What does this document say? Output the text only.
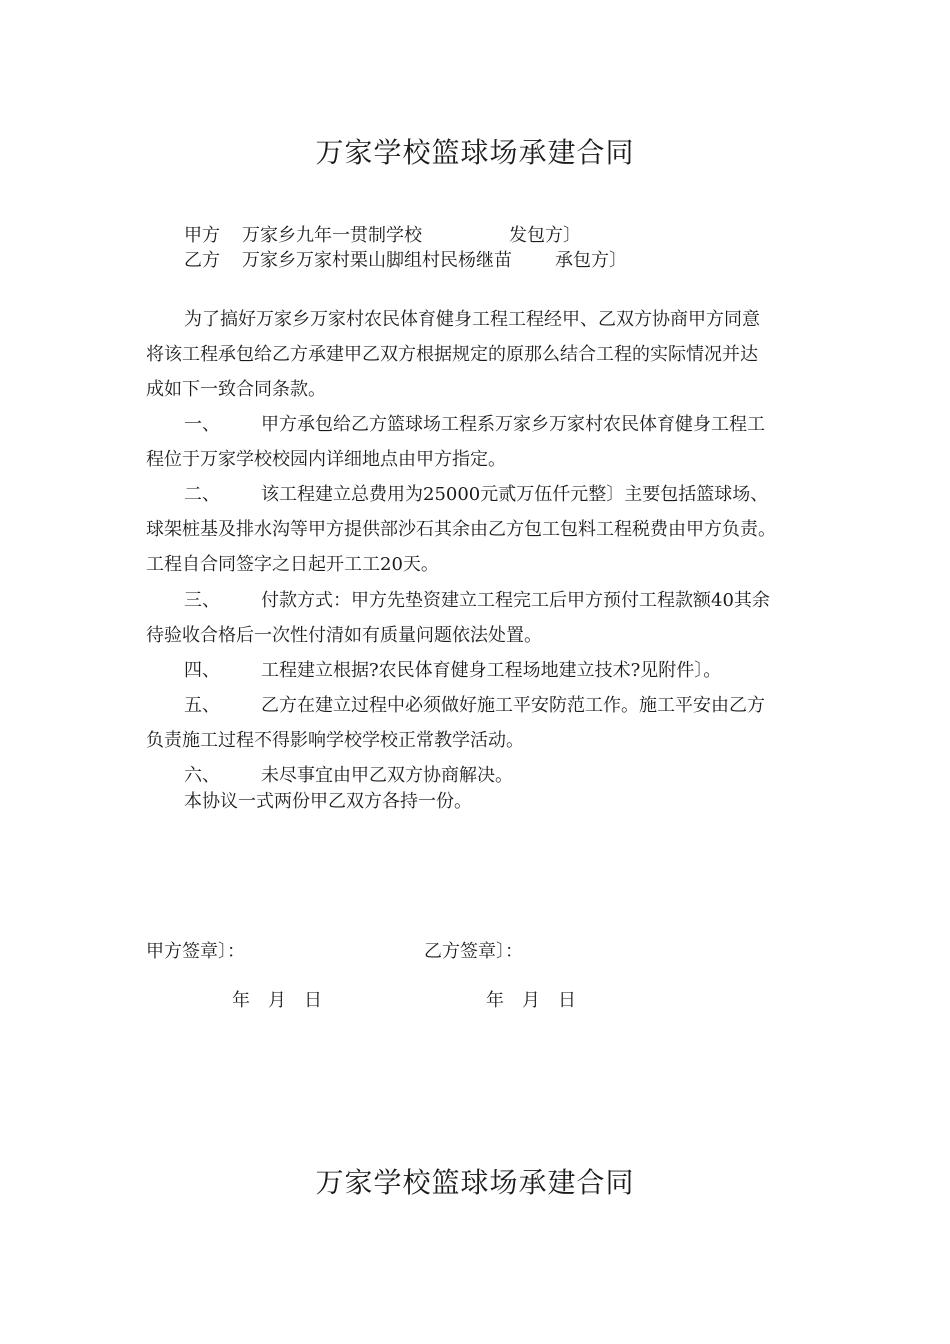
万家学校篮球场承建合同
甲方 万家乡九年一贯制学校	发包方〕
乙方 万家乡万家村栗山脚组村民杨继苗 承包方〕
为了搞好万家乡万家村农民体育健身工程工程经甲、乙双方协商甲方同意
将该工程承包给乙方承建甲乙双方根据规定的原那么结合工程的实际情况并达
成如下一致合同条款。
一、 甲方承包给乙方篮球场工程系万家乡万家村农民体育健身工程工
程位于万家学校校园内详细地点由甲方指定。
二、 该工程建立总费用为25000元贰万伍仟元整〕主要包括篮球场、
球架桩基及排水沟等甲方提供部沙石其余由乙方包工包料工程税费由甲方负责。
工程自合同签字之日起开工工20天。
三、 付款方式：甲方先垫资建立工程完工后甲方预付工程款额40其余
待验收合格后一次性付清如有质量问题依法处置。
四、 工程建立根据?农民体育健身工程场地建立技术?见附件〕。
五、 乙方在建立过程中必须做好施工平安防范工作。施工平安由乙方
负责施工过程不得影响学校学校正常教学活动。
六、 未尽事宜由甲乙双方协商解决。
本协议一式两份甲乙双方各持一份。
甲方签章〕：	乙方签章〕：
年　月　日	年　月　日
万家学校篮球场承建合同
